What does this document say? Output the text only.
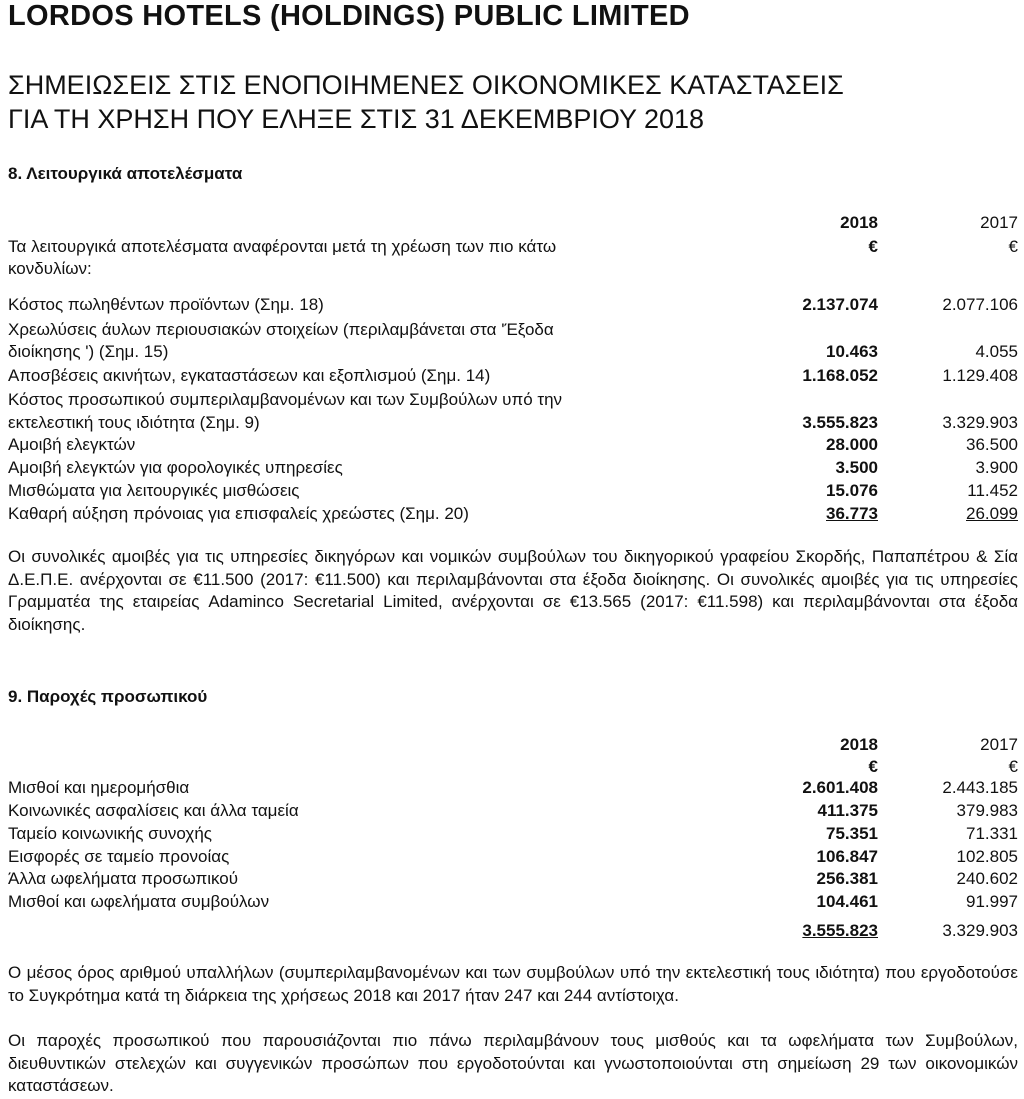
LORDOS HOTELS (HOLDINGS) PUBLIC LIMITED
ΣΗΜΕΙΩΣΕΙΣ ΣΤΙΣ ΕΝΟΠΟΙΗΜΕΝΕΣ ΟΙΚΟΝΟΜΙΚΕΣ ΚΑΤΑΣΤΑΣΕΙΣ
ΓΙΑ ΤΗ ΧΡΗΣΗ ΠΟΥ ΕΛΗΞΕ ΣΤΙΣ 31 ΔΕΚΕΜΒΡΙΟΥ 2018
8. Λειτουργικά αποτελέσματα
2018	2017
Τα λειτουργικά αποτελέσματα αναφέρονται μετά τη χρέωση των πιο κάτω	€	€
κονδυλίων:
Κόστος πωληθέντων προϊόντων (Σημ. 18)	2.137.074	2.077.106
Χρεωλύσεις άυλων περιουσιακών στοιχείων (περιλαμβάνεται στα 'Έξοδα
διοίκησης ') (Σημ. 15)	10.463	4.055
Αποσβέσεις ακινήτων, εγκαταστάσεων και εξοπλισμού (Σημ. 14)	1.168.052	1.129.408
Κόστος προσωπικού συμπεριλαμβανομένων και των Συμβούλων υπό την
εκτελεστική τους ιδιότητα (Σημ. 9)	3.555.823	3.329.903
Αμοιβή ελεγκτών	28.000	36.500
Αμοιβή ελεγκτών για φορολογικές υπηρεσίες	3.500	3.900
Μισθώματα για λειτουργικές μισθώσεις	15.076	11.452
Καθαρή αύξηση πρόνοιας για επισφαλείς χρεώστες (Σημ. 20)	36.773	26.099
Οι συνολικές αμοιβές για τις υπηρεσίες δικηγόρων και νομικών συμβούλων του δικηγορικού γραφείου Σκορδής, Παπαπέτρου & Σία Δ.Ε.Π.Ε. ανέρχονται σε €11.500 (2017: €11.500) και περιλαμβάνονται στα έξοδα διοίκησης. Οι συνολικές αμοιβές για τις υπηρεσίες Γραμματέα της εταιρείας Adaminco Secretarial Limited, ανέρχονται σε €13.565 (2017: €11.598) και περιλαμβάνονται στα έξοδα διοίκησης.
9. Παροχές προσωπικού
2018	2017
€	€
Μισθοί και ημερομήσθια	2.601.408	2.443.185
Κοινωνικές ασφαλίσεις και άλλα ταμεία	411.375	379.983
Ταμείο κοινωνικής συνοχής	75.351	71.331
Εισφορές σε ταμείο προνοίας	106.847	102.805
Άλλα ωφελήματα προσωπικού	256.381	240.602
Μισθοί και ωφελήματα συμβούλων	104.461	91.997
3.555.823	3.329.903
Ο μέσος όρος αριθμού υπαλλήλων (συμπεριλαμβανομένων και των συμβούλων υπό την εκτελεστική τους ιδιότητα) που εργοδοτούσε το Συγκρότημα κατά τη διάρκεια της χρήσεως 2018 και 2017 ήταν 247 και 244 αντίστοιχα.
Οι παροχές προσωπικού που παρουσιάζονται πιο πάνω περιλαμβάνουν τους μισθούς και τα ωφελήματα των Συμβούλων, διευθυντικών στελεχών και συγγενικών προσώπων που εργοδοτούνται και γνωστοποιούνται στη σημείωση 29 των οικονομικών καταστάσεων.
